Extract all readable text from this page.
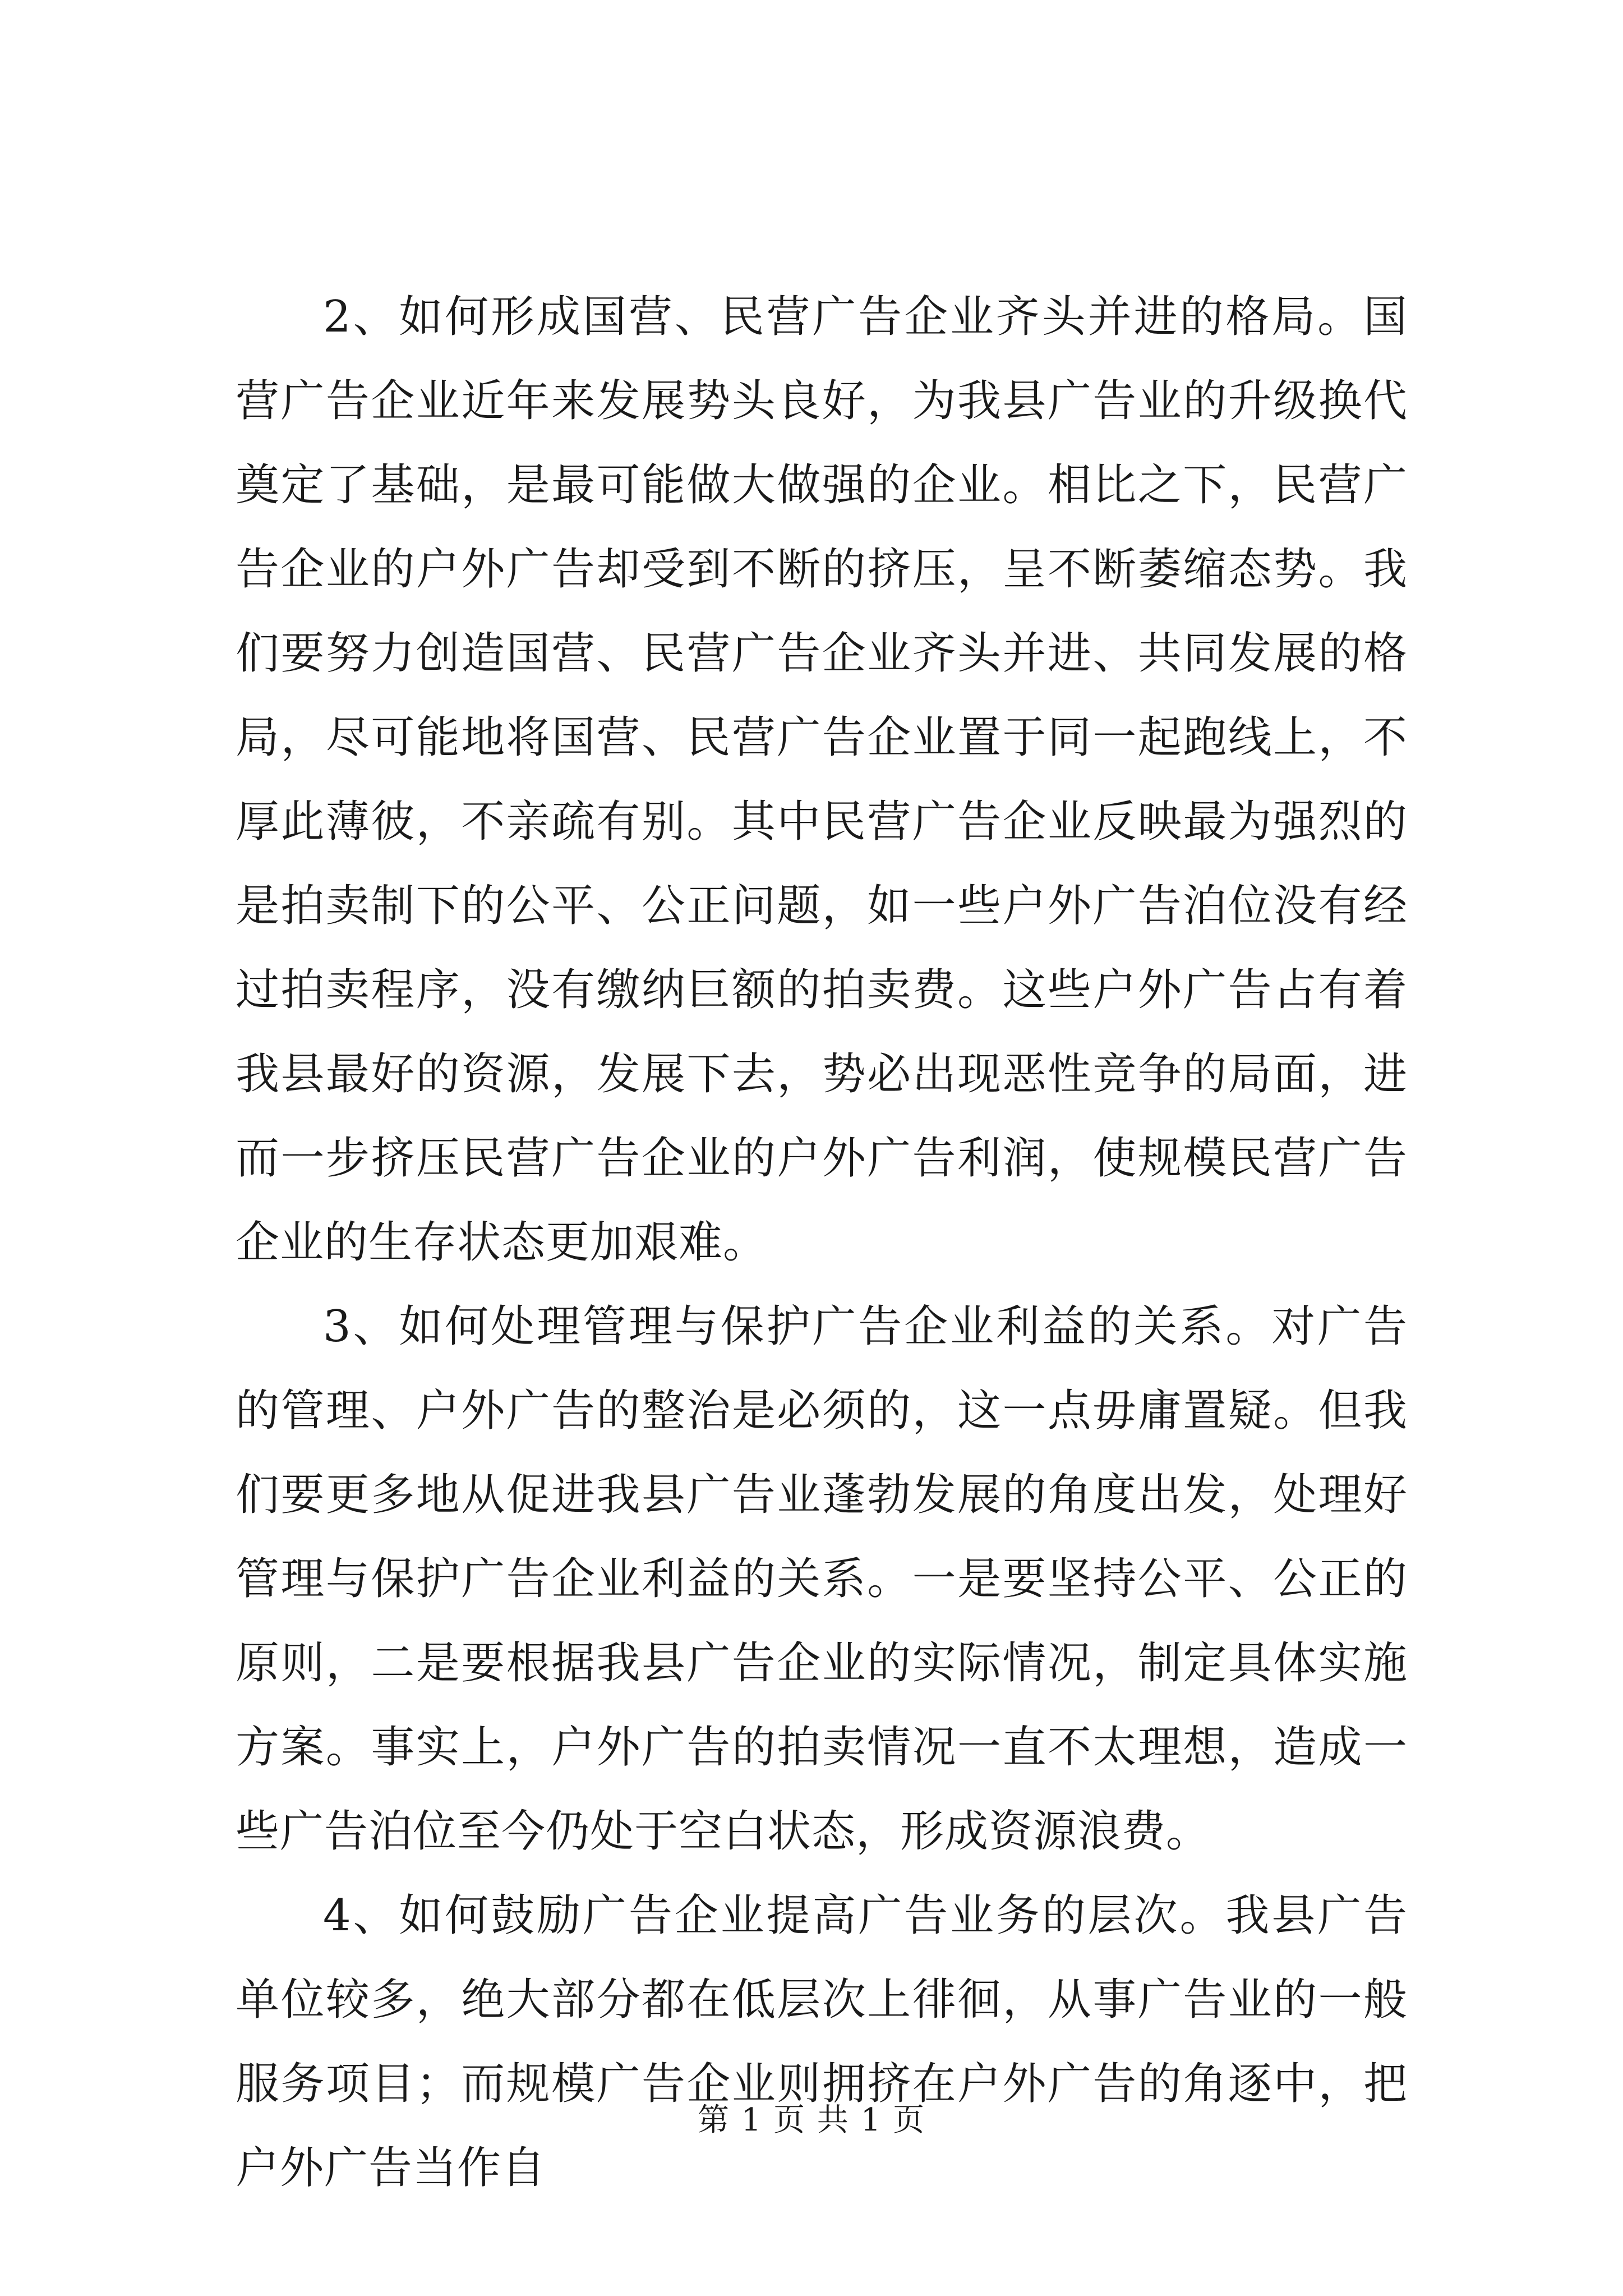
2、如何形成国营、民营广告企业齐头并进的格局。国营广告企业近年来发展势头良好，为我县广告业的升级换代奠定了基础，是最可能做大做强的企业。相比之下，民营广告企业的户外广告却受到不断的挤压，呈不断萎缩态势。我们要努力创造国营、民营广告企业齐头并进、共同发展的格局，尽可能地将国营、民营广告企业置于同一起跑线上，不厚此薄彼，不亲疏有别。其中民营广告企业反映最为强烈的是拍卖制下的公平、公正问题，如一些户外广告泊位没有经过拍卖程序，没有缴纳巨额的拍卖费。这些户外广告占有着我县最好的资源，发展下去，势必出现恶性竞争的局面，进而一步挤压民营广告企业的户外广告利润，使规模民营广告企业的生存状态更加艰难。

3、如何处理管理与保护广告企业利益的关系。对广告的管理、户外广告的整治是必须的，这一点毋庸置疑。但我们要更多地从促进我县广告业蓬勃发展的角度出发，处理好管理与保护广告企业利益的关系。一是要坚持公平、公正的原则，二是要根据我县广告企业的实际情况，制定具体实施方案。事实上，户外广告的拍卖情况一直不太理想，造成一些广告泊位至今仍处于空白状态，形成资源浪费。

4、如何鼓励广告企业提高广告业务的层次。我县广告单位较多，绝大部分都在低层次上徘徊，从事广告业的一般服务项目；而规模广告企业则拥挤在户外广告的角逐中，把户外广告当作自

第 1 页 共 1 页
